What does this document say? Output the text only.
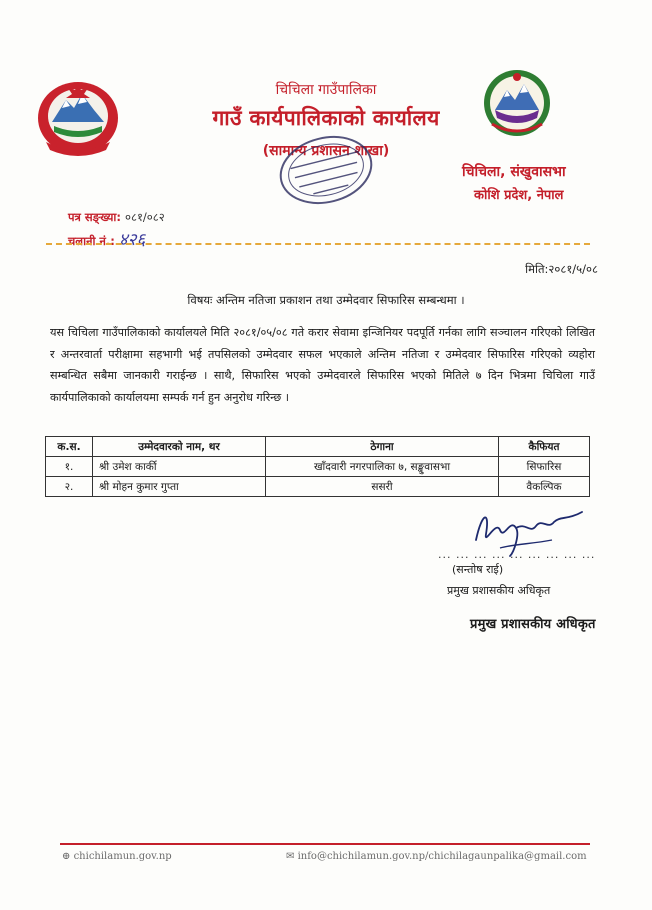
चिचिला गाउँपालिका
गाउँ कार्यपालिकाको कार्यालय
(सामान्य प्रशासन शाखा)
चिचिला, संखुवासभा
कोशि प्रदेश, नेपाल
पत्र सङ्ख्या: ०८१/०८२
चलानी नं.: ४२६
मिति:२०८१/५/०८
विषयः अन्तिम नतिजा प्रकाशन तथा उम्मेदवार सिफारिस सम्बन्धमा ।
यस चिचिला गाउँपालिकाको कार्यालयले मिति २०८१/०५/०८ गते करार सेवामा इन्जिनियर पदपूर्ति गर्नका लागि सञ्चालन गरिएको लिखित र अन्तरवार्ता परीक्षामा सहभागी भई तपसिलको उम्मेदवार सफल भएकाले अन्तिम नतिजा र उम्मेदवार सिफारिस गरिएको व्यहोरा सम्बन्धित सबैमा जानकारी गराईन्छ । साथै, सिफारिस भएको उम्मेदवारले सिफारिस भएको मितिले ७ दिन भित्रमा चिचिला गाउँ कार्यपालिकाको कार्यालयमा सम्पर्क गर्न हुन अनुरोध गरिन्छ ।
क.स.	उम्मेदवारको नाम, थर	ठेगाना	कैफियत
१.	श्री उमेश कार्की	खाँदवारी नगरपालिका ७, सङ्खुवासभा	सिफारिस
२.	श्री मोहन कुमार गुप्ता	ससरी	वैकल्पिक
... ... ... ... ... ... ... ... ...
(सन्तोष राई)
प्रमुख प्रशासकीय अधिकृत
प्रमुख प्रशासकीय अधिकृत
⊕ chichilamun.gov.np	✉ info@chichilamun.gov.np/chichilagaunpalika@gmail.com
